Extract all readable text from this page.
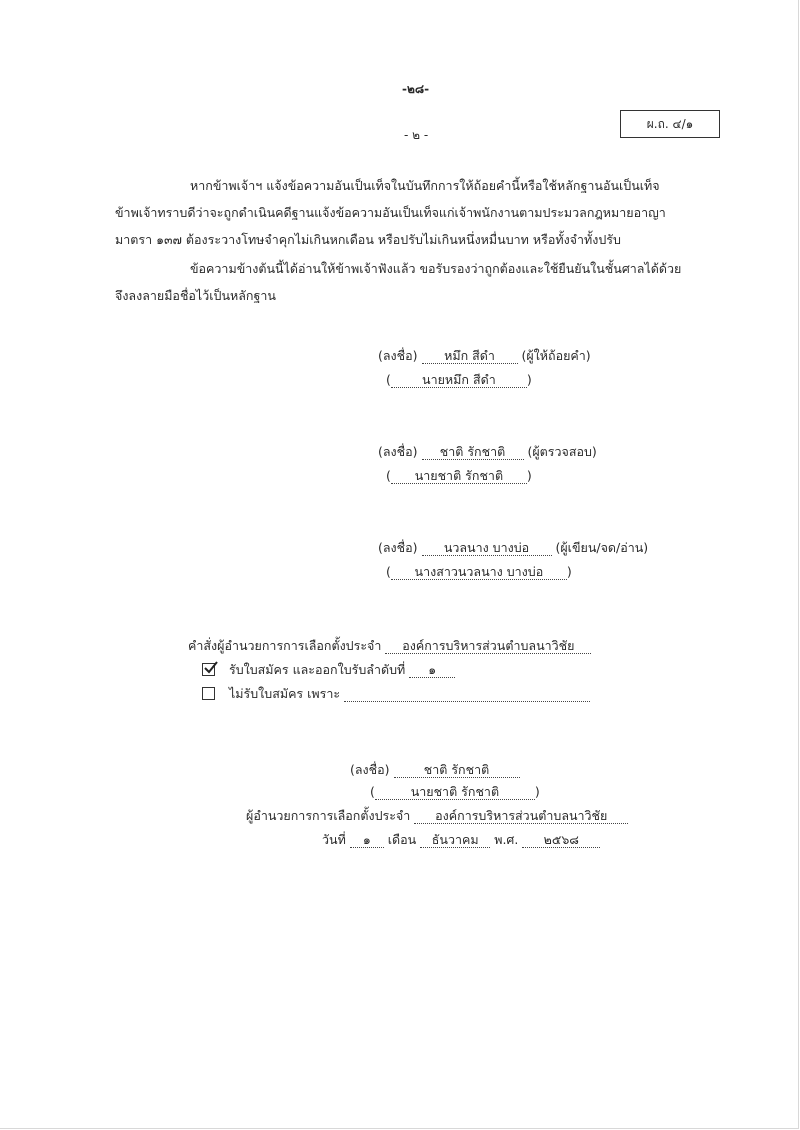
-๒๘-
- ๒ -
ผ.ถ. ๔/๑
หากข้าพเจ้าฯ แจ้งข้อความอันเป็นเท็จในบันทึกการให้ถ้อยคำนี้หรือใช้หลักฐานอันเป็นเท็จ
ข้าพเจ้าทราบดีว่าจะถูกดำเนินคดีฐานแจ้งข้อความอันเป็นเท็จแก่เจ้าพนักงานตามประมวลกฎหมายอาญา
มาตรา ๑๓๗ ต้องระวางโทษจำคุกไม่เกินหกเดือน หรือปรับไม่เกินหนึ่งหมื่นบาท หรือทั้งจำทั้งปรับ
ข้อความข้างต้นนี้ได้อ่านให้ข้าพเจ้าฟังแล้ว ขอรับรองว่าถูกต้องและใช้ยืนยันในชั้นศาลได้ด้วย
จึงลงลายมือชื่อไว้เป็นหลักฐาน
(ลงชื่อ) หมึก สีดำ (ผู้ให้ถ้อยคำ)
( นายหมึก สีดำ )
(ลงชื่อ) ชาติ รักชาติ (ผู้ตรวจสอบ)
( นายชาติ รักชาติ )
(ลงชื่อ) นวลนาง บางบ่อ (ผู้เขียน/จด/อ่าน)
( นางสาวนวลนาง บางบ่อ )
คำสั่งผู้อำนวยการการเลือกตั้งประจำ องค์การบริหารส่วนตำบลนาวิชัย
รับใบสมัคร และออกใบรับลำดับที่ ๑
ไม่รับใบสมัคร เพราะ
(ลงชื่อ)	ชาติ รักชาติ
(	นายชาติ รักชาติ	)
ผู้อำนวยการการเลือกตั้งประจำ องค์การบริหารส่วนตำบลนาวิชัย
วันที่ ๑ เดือน ธันวาคม พ.ศ. ๒๕๖๘
